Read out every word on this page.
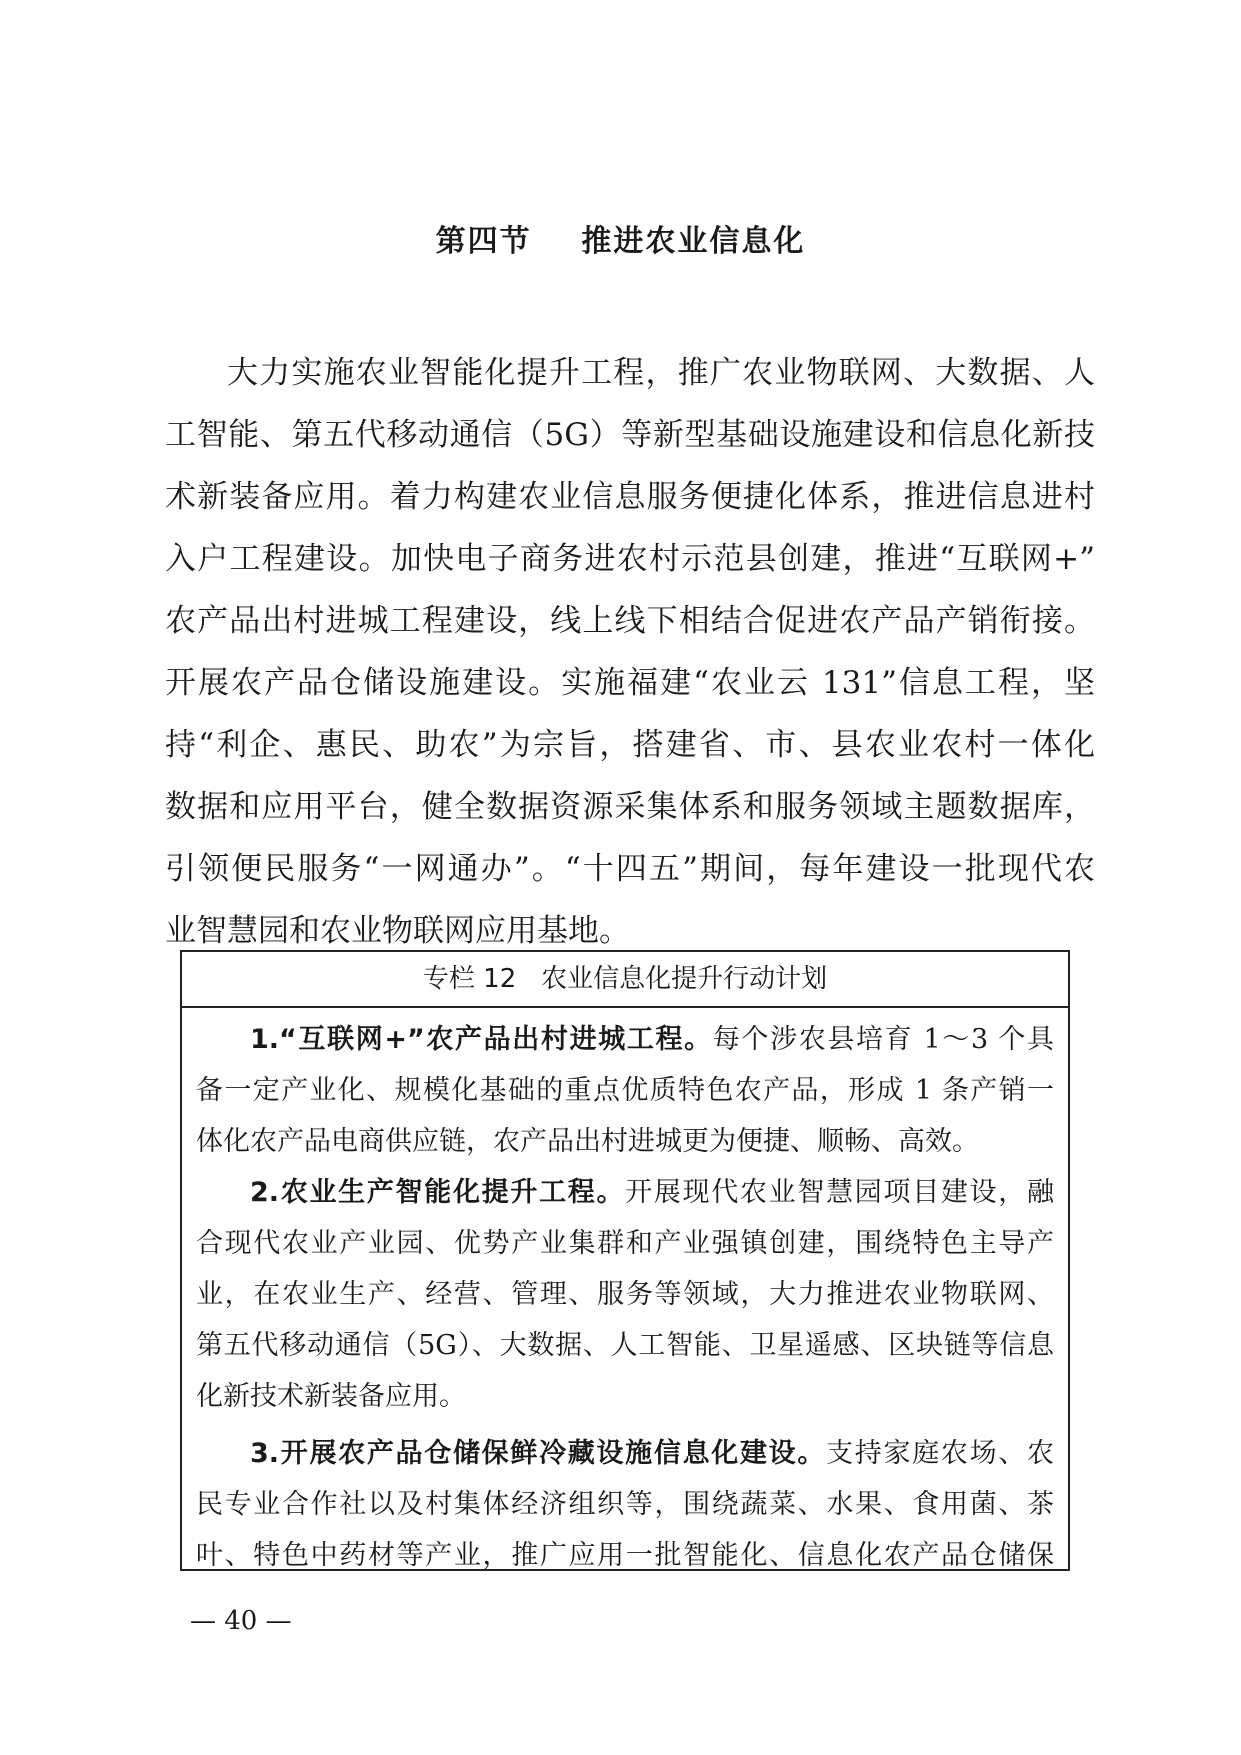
第四节    推进农业信息化
大力实施农业智能化提升工程，推广农业物联网、大数据、人
工智能、第五代移动通信（5G）等新型基础设施建设和信息化新技
术新装备应用。着力构建农业信息服务便捷化体系，推进信息进村
入户工程建设。加快电子商务进农村示范县创建，推进“互联网+”
农产品出村进城工程建设，线上线下相结合促进农产品产销衔接。
开展农产品仓储设施建设。实施福建“农业云 131”信息工程，坚
持“利企、惠民、助农”为宗旨，搭建省、市、县农业农村一体化
数据和应用平台，健全数据资源采集体系和服务领域主题数据库，
引领便民服务“一网通办”。“十四五”期间，每年建设一批现代农
业智慧园和农业物联网应用基地。
专栏 12   农业信息化提升行动计划
1.“互联网+”农产品出村进城工程。每个涉农县培育 1～3 个具
备一定产业化、规模化基础的重点优质特色农产品，形成 1 条产销一
体化农产品电商供应链，农产品出村进城更为便捷、顺畅、高效。
2.农业生产智能化提升工程。开展现代农业智慧园项目建设，融
合现代农业产业园、优势产业集群和产业强镇创建，围绕特色主导产
业，在农业生产、经营、管理、服务等领域，大力推进农业物联网、
第五代移动通信（5G）、大数据、人工智能、卫星遥感、区块链等信息
化新技术新装备应用。
3.开展农产品仓储保鲜冷藏设施信息化建设。支持家庭农场、农
民专业合作社以及村集体经济组织等，围绕蔬菜、水果、食用菌、茶
叶、特色中药材等产业，推广应用一批智能化、信息化农产品仓储保
— 40 —
